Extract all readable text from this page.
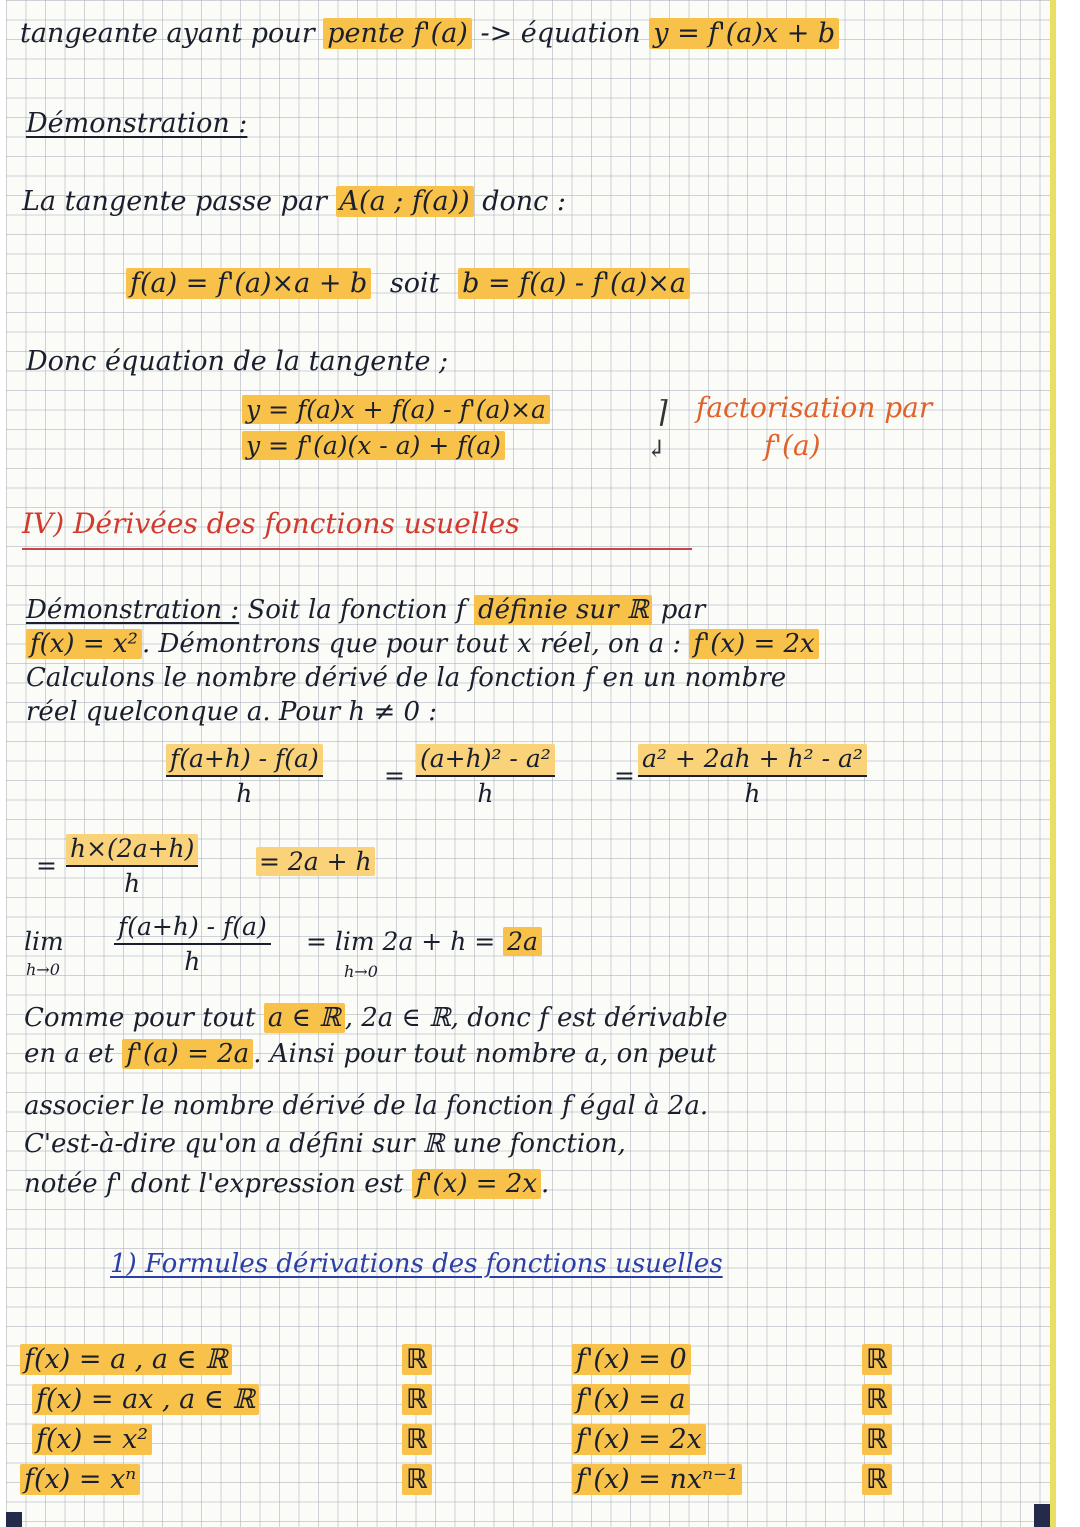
tangeante ayant pour pente f'(a) -> équation y = f'(a)x + b
Démonstration :
La tangente passe par A(a ; f(a)) donc :
f(a) = f'(a)×a + b soit b = f(a) - f'(a)×a
Donc équation de la tangente ;
y = f(a)x + f(a) - f'(a)×a
y = f'(a)(x - a) + f(a)
⌉
↲
factorisation par
f'(a)
IV) Dérivées des fonctions usuelles
Démonstration : Soit la fonction f définie sur ℝ par
f(x) = x² . Démontrons que pour tout x réel, on a : f'(x) = 2x
Calculons le nombre dérivé de la fonction f en un nombre
réel quelconque a. Pour h ≠ 0 :
f(a+h) - f(a)
h
=
(a+h)² - a²
h
=
a² + 2ah + h² - a²
h
=
h×(2a+h)
h
= 2a + h
lim
h→0
f(a+h) - f(a)
h
= lim 2a + h = 2a
h→0
Comme pour tout a ∈ ℝ , 2a ∈ ℝ, donc f est dérivable
en a et f'(a) = 2a . Ainsi pour tout nombre a, on peut
associer le nombre dérivé de la fonction f égal à 2a.
C'est-à-dire qu'on a défini sur ℝ une fonction,
notée f' dont l'expression est f'(x) = 2x .
1) Formules dérivations des fonctions usuelles
f(x) = a , a ∈ ℝ
f(x) = ax , a ∈ ℝ
f(x) = x²
f(x) = xⁿ
ℝ
ℝ
ℝ
ℝ
f'(x) = 0
f'(x) = a
f'(x) = 2x
f'(x) = nxⁿ⁻¹
ℝ
ℝ
ℝ
ℝ
